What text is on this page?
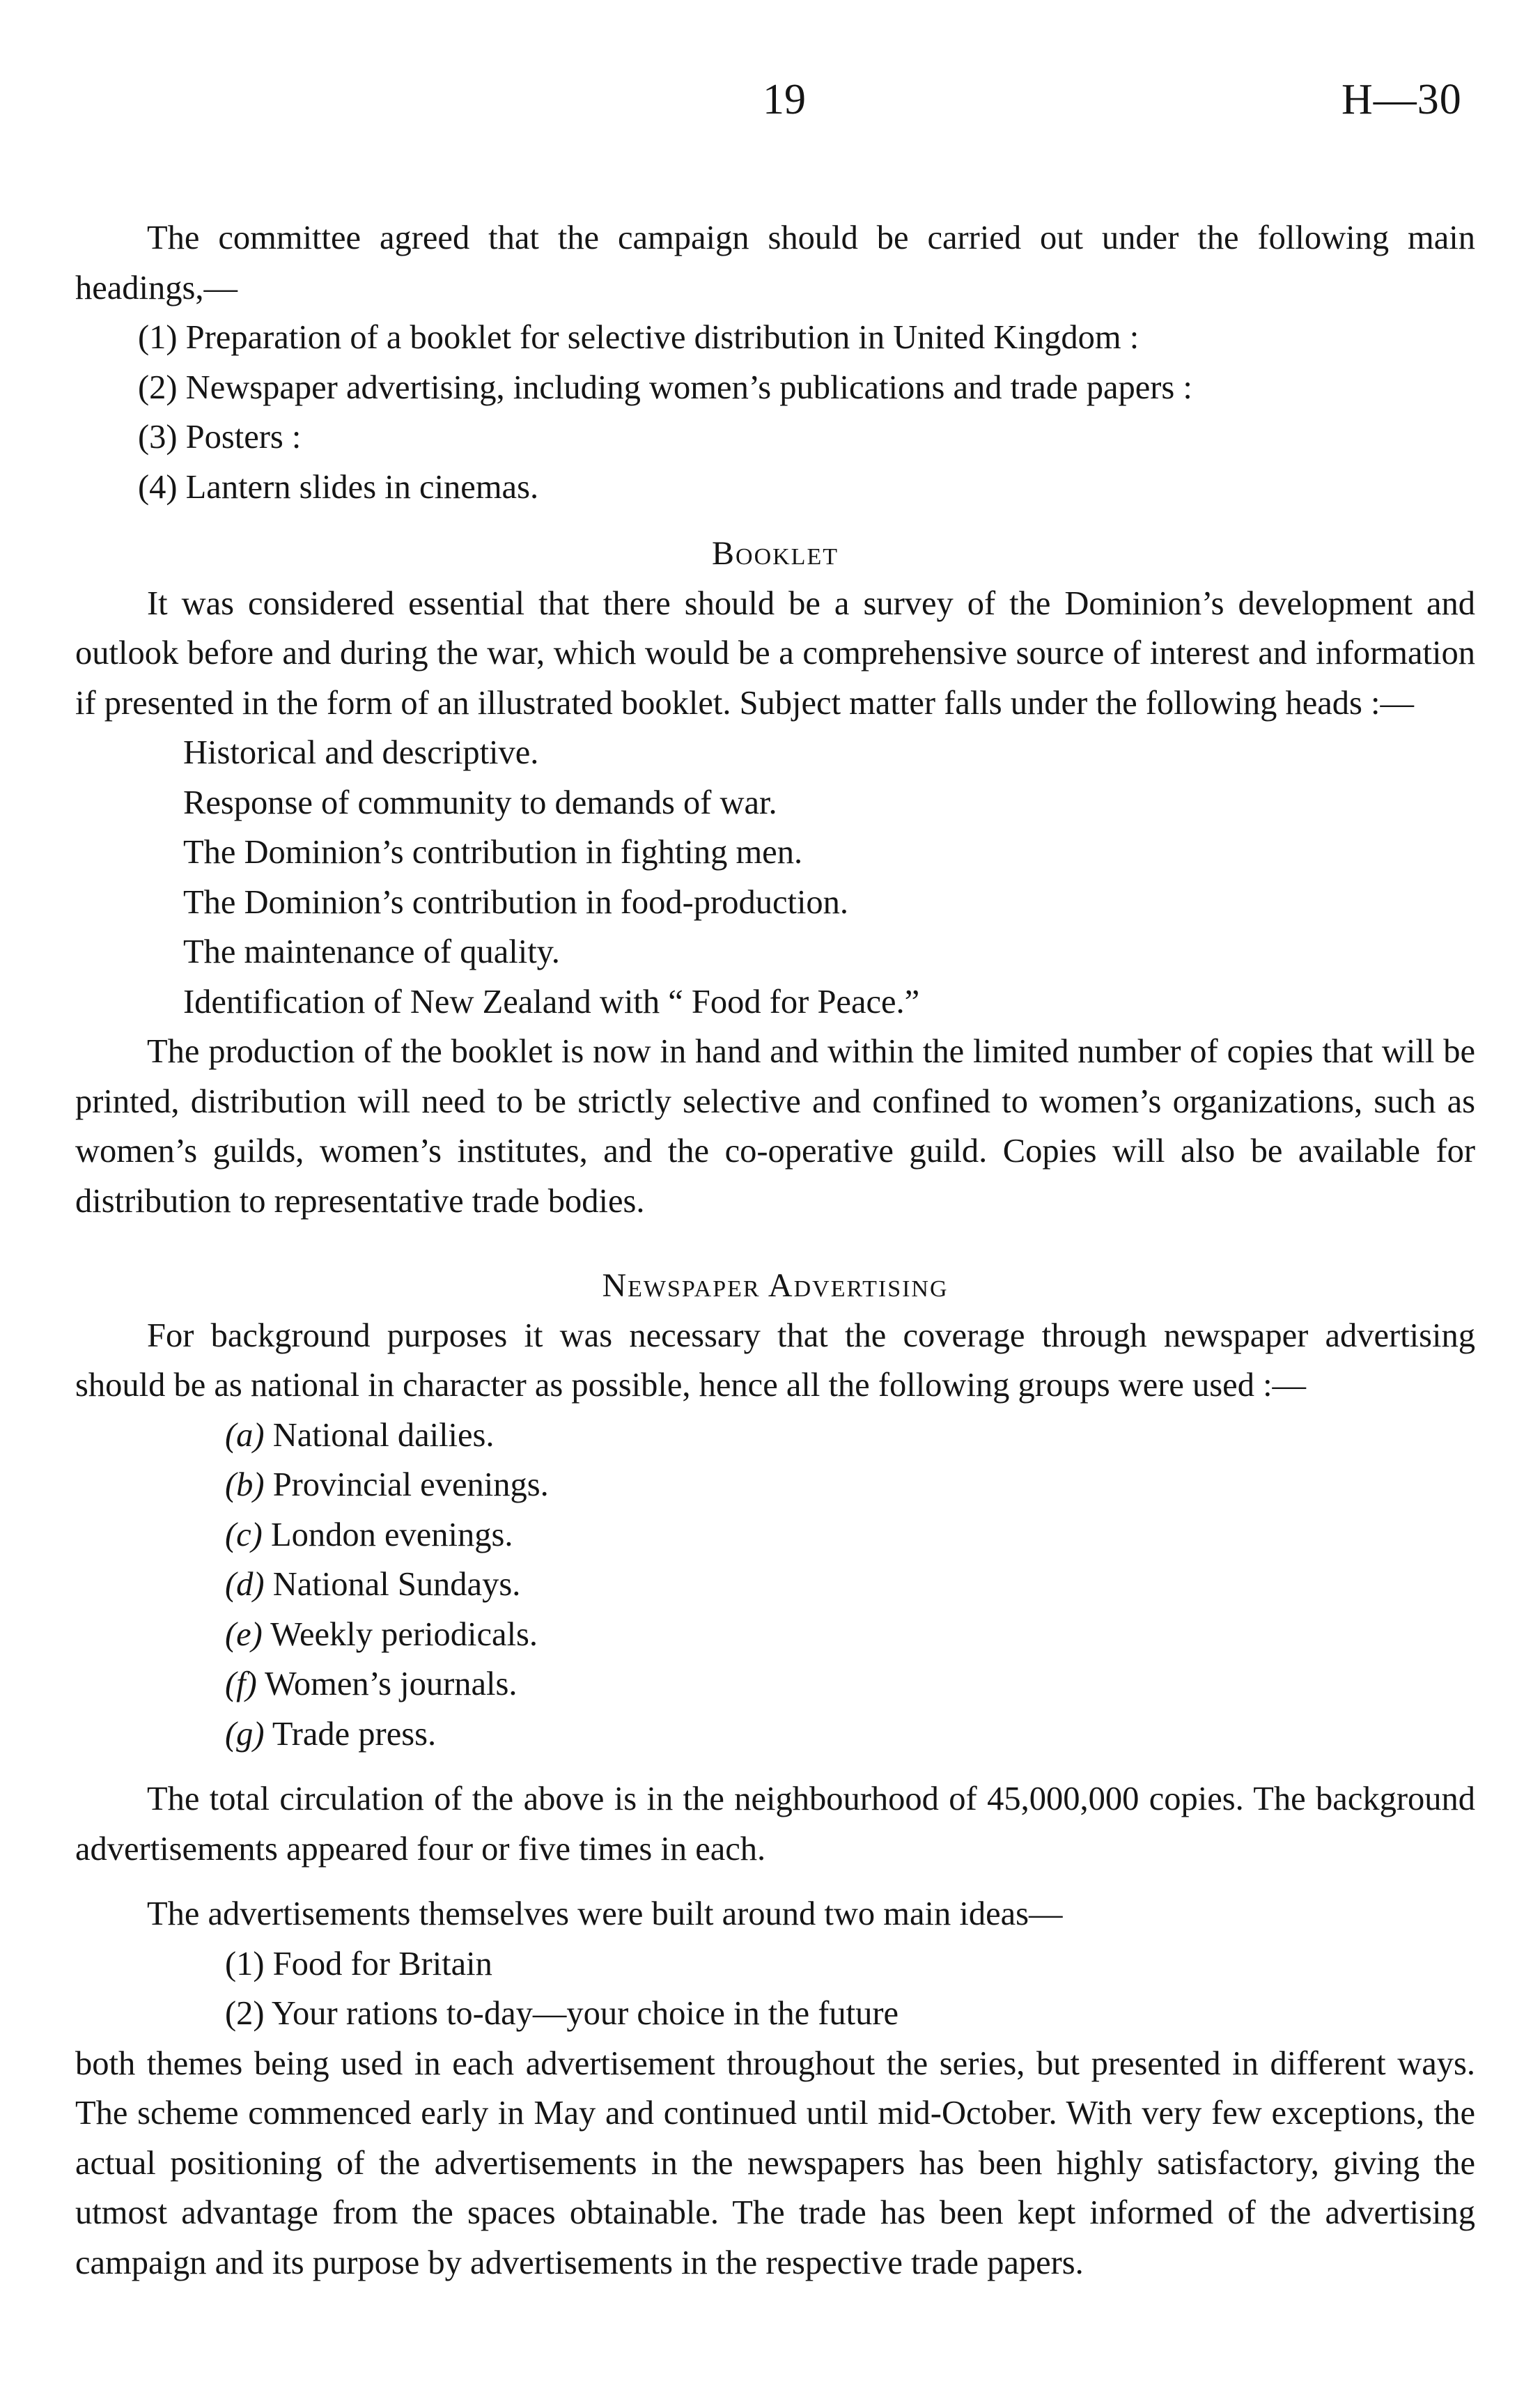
19	H—30

The committee agreed that the campaign should be carried out under the following main headings,—

(1) Preparation of a booklet for selective distribution in United Kingdom :
(2) Newspaper advertising, including women’s publications and trade papers :
(3) Posters :
(4) Lantern slides in cinemas.
Booklet

It was considered essential that there should be a survey of the Dominion’s development and outlook before and during the war, which would be a comprehensive source of interest and information if presented in the form of an illustrated booklet. Subject matter falls under the following heads :—

Historical and descriptive.
Response of community to demands of war.
The Dominion’s contribution in fighting men.
The Dominion’s contribution in food-production.
The maintenance of quality.
Identification of New Zealand with “ Food for Peace.”

The production of the booklet is now in hand and within the limited number of copies that will be printed, distribution will need to be strictly selective and confined to women’s organizations, such as women’s guilds, women’s institutes, and the co-operative guild. Copies will also be available for distribution to representative trade bodies.

Newspaper Advertising

For background purposes it was necessary that the coverage through newspaper advertising should be as national in character as possible, hence all the following groups were used :—

(a) National dailies.
(b) Provincial evenings.
(c) London evenings.
(d) National Sundays.
(e) Weekly periodicals.
(f) Women’s journals.
(g) Trade press.

The total circulation of the above is in the neighbourhood of 45,000,000 copies. The background advertisements appeared four or five times in each.

The advertisements themselves were built around two main ideas—

(1) Food for Britain
(2) Your rations to-day—your choice in the future

both themes being used in each advertisement throughout the series, but presented in different ways. The scheme commenced early in May and continued until mid-October. With very few exceptions, the actual positioning of the advertisements in the newspapers has been highly satisfactory, giving the utmost advantage from the spaces obtainable. The trade has been kept informed of the advertising campaign and its purpose by advertisements in the respective trade papers.
